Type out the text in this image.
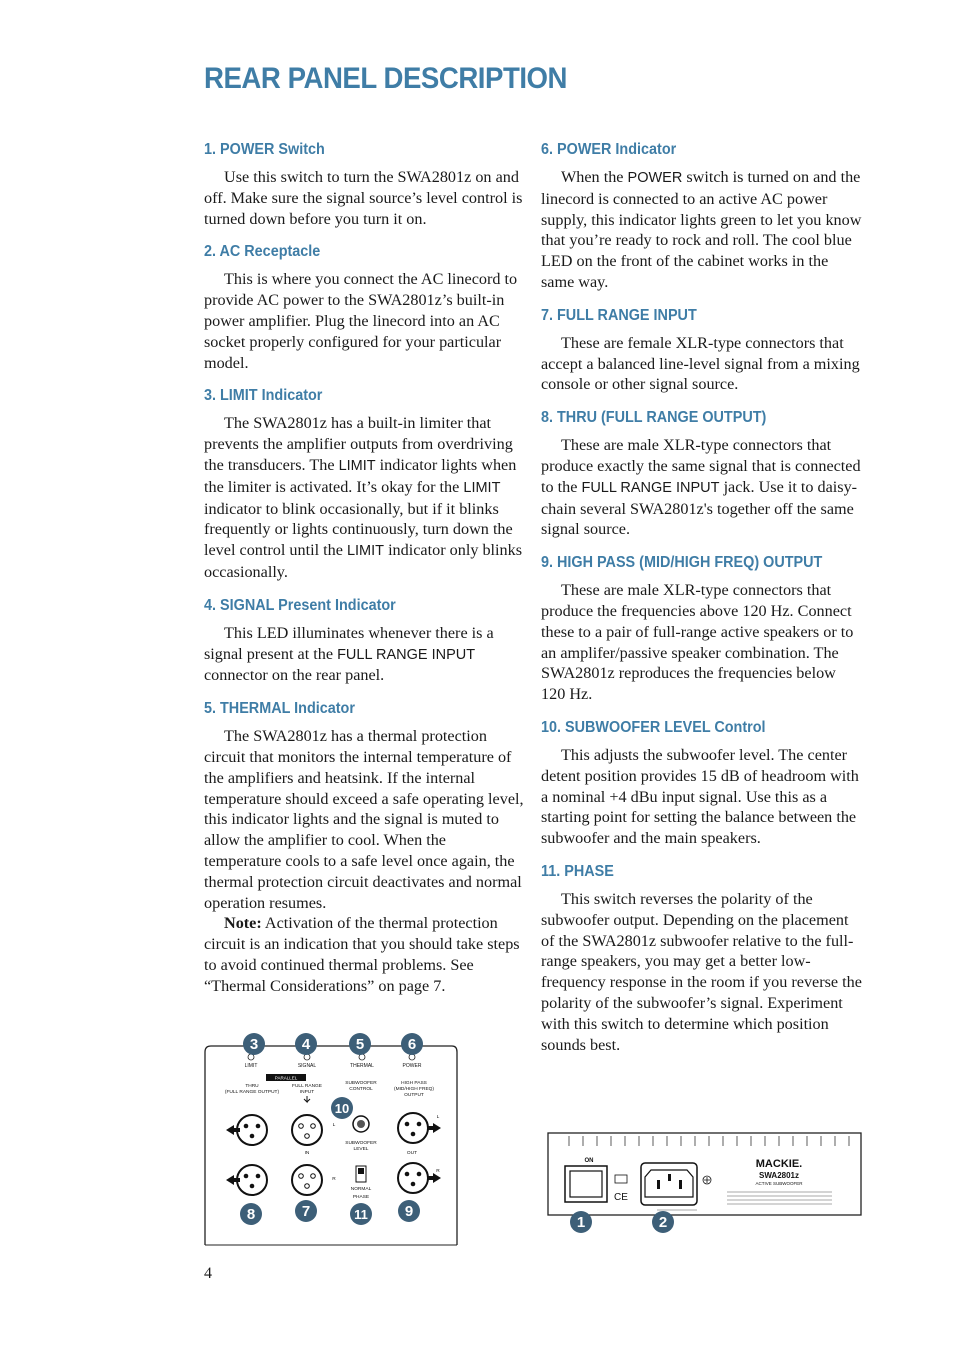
REAR PANEL DESCRIPTION
1. POWER Switch

Use this switch to turn the SWA2801z on and off. Make sure the signal source’s level control is turned down before you turn it on.

2. AC Receptacle

This is where you connect the AC linecord to provide AC power to the SWA2801z’s built-in power amplifier. Plug the linecord into an AC socket properly configured for your particular model.

3. LIMIT Indicator

The SWA2801z has a built-in limiter that prevents the amplifier outputs from overdriving the transducers. The LIMIT indicator lights when the limiter is activated. It’s okay for the LIMIT indicator to blink occasionally, but if it blinks frequently or lights continuously, turn down the level control until the LIMIT indicator only blinks occasionally.

4. SIGNAL Present Indicator

This LED illuminates whenever there is a signal present at the FULL RANGE INPUT connector on the rear panel.

5. THERMAL Indicator

The SWA2801z has a thermal protection circuit that monitors the internal temperature of the amplifiers and heatsink. If the internal temperature should exceed a safe operating level, this indicator lights and the signal is muted to allow the amplifier to cool. When the temperature cools to a safe level once again, the thermal protection circuit deactivates and normal operation resumes.

Note: Activation of the thermal protection circuit is an indication that you should take steps to avoid continued thermal problems. See “Thermal Considerations” on page 7.

6. POWER Indicator

When the POWER switch is turned on and the linecord is connected to an active AC power supply, this indicator lights green to let you know that you’re ready to rock and roll. The cool blue LED on the front of the cabinet works in the same way.

7. FULL RANGE INPUT

These are female XLR-type connectors that accept a balanced line-level signal from a mixing console or other signal source.

8. THRU (FULL RANGE OUTPUT)

These are male XLR-type connectors that produce exactly the same signal that is connected to the FULL RANGE INPUT jack. Use it to daisy-chain several SWA2801z's together off the same signal source.

9. HIGH PASS (MID/HIGH FREQ) OUTPUT

These are male XLR-type connectors that produce the frequencies above 120 Hz. Connect these to a pair of full-range active speakers or to an amplifer/passive speaker combination. The SWA2801z reproduces the frequencies below 120 Hz.

10. SUBWOOFER LEVEL Control

This adjusts the subwoofer level. The center detent position provides 15 dB of headroom with a nominal +4 dBu input signal. Use this as a starting point for setting the balance between the subwoofer and the main speakers.

11. PHASE

This switch reverses the polarity of the subwoofer output. Depending on the placement of the SWA2801z subwoofer relative to the full-range speakers, you may get a better low-frequency response in the room if you reverse the polarity of the subwoofer’s signal. Experiment with this switch to determine which position sounds best.

LIMIT	SIGNAL	THERMAL	POWER
PARALLEL
THRU
(FULL RANGE OUTPUT)
FULL RANGE
INPUT
SUBWOOFER
CONTROL
HIGH PASS
(MID/HIGH FREQ)
OUTPUT
SUBWOOFER
LEVEL
IN	OUT
NORMAL
PHASE
L
R
L
R
3	4	5	6
10
8	7	11 9
ON
CE
MACKIE.
SWA2801z
ACTIVE SUBWOOFER
1	2
4
